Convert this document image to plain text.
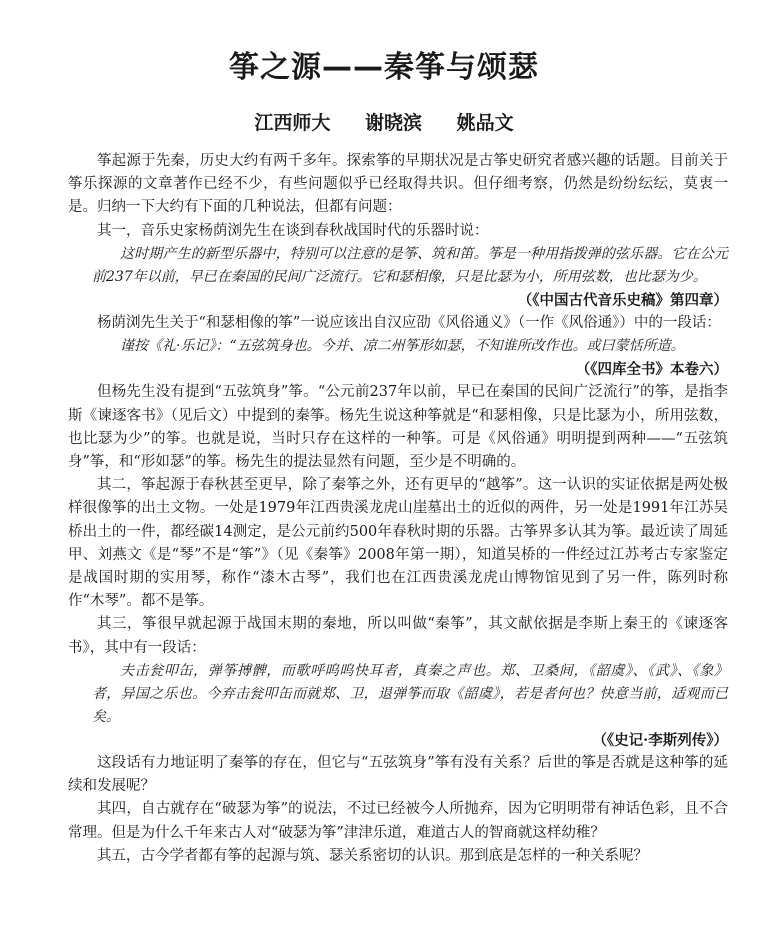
筝之源——秦筝与颂瑟
江西师大 谢晓滨 姚品文

筝起源于先秦，历史大约有两千多年。探索筝的早期状况是古筝史研究者感兴趣的话题。目前关于筝乐探源的文章著作已经不少，有些问题似乎已经取得共识。但仔细考察，仍然是纷纷纭纭，莫衷一是。归纳一下大约有下面的几种说法，但都有问题：

其一，音乐史家杨荫浏先生在谈到春秋战国时代的乐器时说：

这时期产生的新型乐器中，特别可以注意的是筝、筑和笛。筝是一种用指拨弹的弦乐器。它在公元前237年以前，早已在秦国的民间广泛流行。它和瑟相像，只是比瑟为小，所用弦数，也比瑟为少。

（《中国古代音乐史稿》第四章）

杨荫浏先生关于“和瑟相像的筝”一说应该出自汉应劭《风俗通义》（一作《风俗通》）中的一段话：

谨按《礼·乐记》：“五弦筑身也。今并、凉二州筝形如瑟，不知谁所改作也。或曰蒙恬所造。

（《四库全书》本卷六）

但杨先生没有提到“五弦筑身”筝。“公元前237年以前，早已在秦国的民间广泛流行”的筝，是指李斯《谏逐客书》（见后文）中提到的秦筝。杨先生说这种筝就是“和瑟相像，只是比瑟为小，所用弦数，也比瑟为少”的筝。也就是说，当时只存在这样的一种筝。可是《风俗通》明明提到两种——“五弦筑身”筝，和“形如瑟”的筝。杨先生的提法显然有问题，至少是不明确的。

其二，筝起源于春秋甚至更早，除了秦筝之外，还有更早的“越筝”。这一认识的实证依据是两处极样很像筝的出土文物。一处是1979年江西贵溪龙虎山崖墓出土的近似的两件，另一处是1991年江苏吴桥出土的一件，都经碳14测定，是公元前约500年春秋时期的乐器。古筝界多认其为筝。最近读了周延甲、刘燕文《是“琴”不是“筝”》（见《秦筝》2008年第一期），知道吴桥的一件经过江苏考古专家鉴定是战国时期的实用琴，称作“漆木古琴”，我们也在江西贵溪龙虎山博物馆见到了另一件，陈列时称作“木琴”。都不是筝。

其三，筝很早就起源于战国末期的秦地，所以叫做“秦筝”，其文献依据是李斯上秦王的《谏逐客书》，其中有一段话：

夫击瓮叩缶，弹筝搏髀，而歌呼呜呜快耳者，真秦之声也。郑、卫桑间，《韶虞》、《武》、《象》者，异国之乐也。今弃击瓮叩缶而就郑、卫，退弹筝而取《韶虞》，若是者何也？快意当前，适观而已矣。

（《史记·李斯列传》）

这段话有力地证明了秦筝的存在，但它与“五弦筑身”筝有没有关系？后世的筝是否就是这种筝的延续和发展呢？

其四，自古就存在“破瑟为筝”的说法，不过已经被今人所抛弃，因为它明明带有神话色彩，且不合常理。但是为什么千年来古人对“破瑟为筝”津津乐道，难道古人的智商就这样幼稚？

其五，古今学者都有筝的起源与筑、瑟关系密切的认识。那到底是怎样的一种关系呢？
